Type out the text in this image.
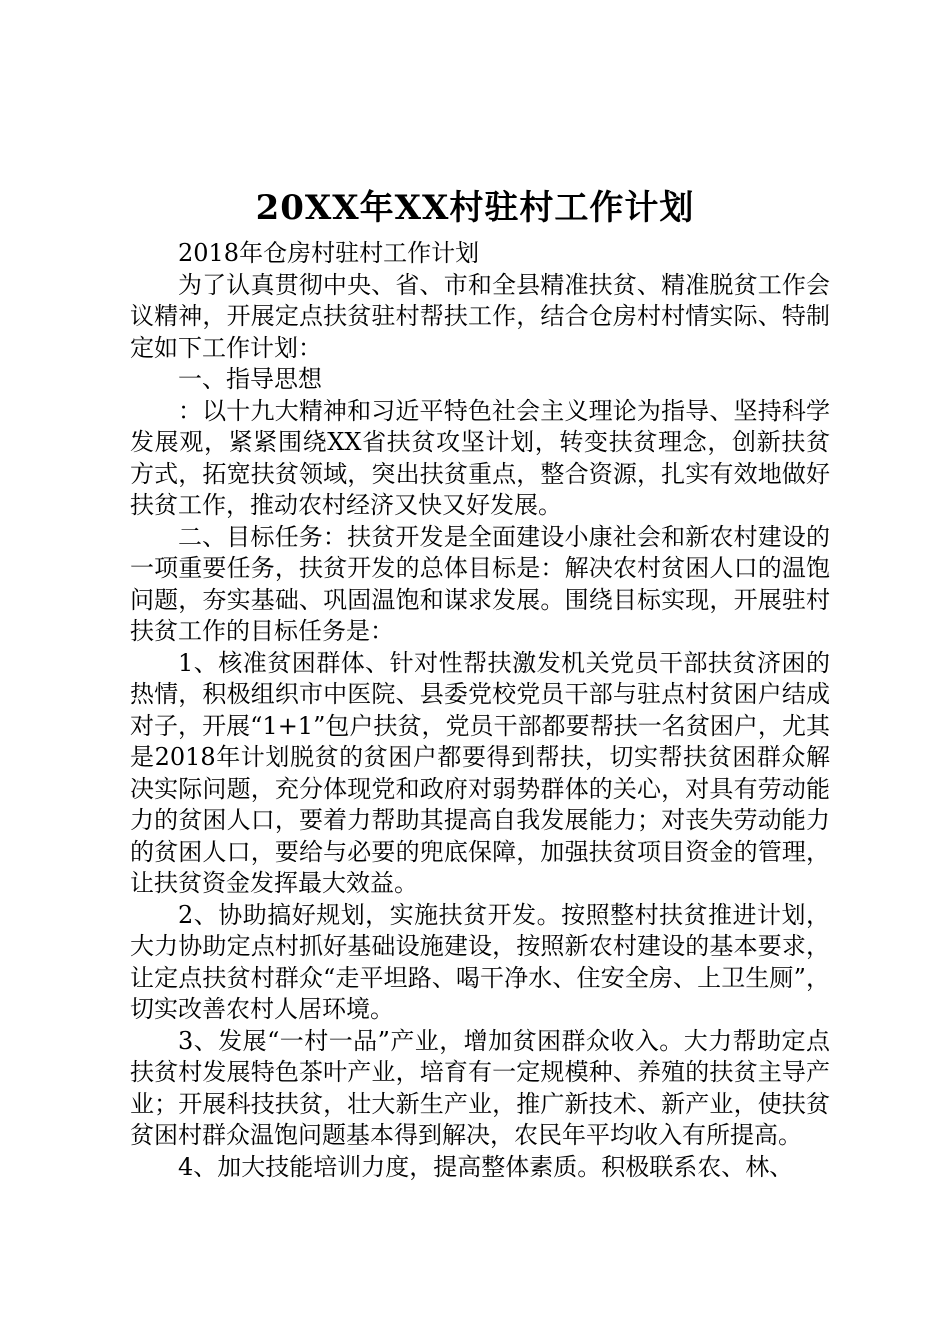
20XX年XX村驻村工作计划

2018年仓房村驻村工作计划

为了认真贯彻中央、省、市和全县精准扶贫、精准脱贫工作会议精神，开展定点扶贫驻村帮扶工作，结合仓房村村情实际、特制定如下工作计划：

一、指导思想

：以十九大精神和习近平特色社会主义理论为指导、坚持科学发展观，紧紧围绕XX省扶贫攻坚计划，转变扶贫理念，创新扶贫方式，拓宽扶贫领域，突出扶贫重点，整合资源，扎实有效地做好扶贫工作，推动农村经济又快又好发展。

二、目标任务：扶贫开发是全面建设小康社会和新农村建设的一项重要任务，扶贫开发的总体目标是：解决农村贫困人口的温饱问题，夯实基础、巩固温饱和谋求发展。围绕目标实现，开展驻村扶贫工作的目标任务是：

1、核准贫困群体、针对性帮扶激发机关党员干部扶贫济困的热情，积极组织市中医院、县委党校党员干部与驻点村贫困户结成对子，开展“1+1”包户扶贫，党员干部都要帮扶一名贫困户，尤其是2018年计划脱贫的贫困户都要得到帮扶，切实帮扶贫困群众解决实际问题，充分体现党和政府对弱势群体的关心，对具有劳动能力的贫困人口，要着力帮助其提高自我发展能力；对丧失劳动能力的贫困人口，要给与必要的兜底保障，加强扶贫项目资金的管理，让扶贫资金发挥最大效益。

2、协助搞好规划，实施扶贫开发。按照整村扶贫推进计划，大力协助定点村抓好基础设施建设，按照新农村建设的基本要求，让定点扶贫村群众“走平坦路、喝干净水、住安全房、上卫生厕”，切实改善农村人居环境。

3、发展“一村一品”产业，增加贫困群众收入。大力帮助定点扶贫村发展特色茶叶产业，培育有一定规模种、养殖的扶贫主导产业；开展科技扶贫，壮大新生产业，推广新技术、新产业，使扶贫贫困村群众温饱问题基本得到解决，农民年平均收入有所提高。

4、加大技能培训力度，提高整体素质。积极联系农、林、
